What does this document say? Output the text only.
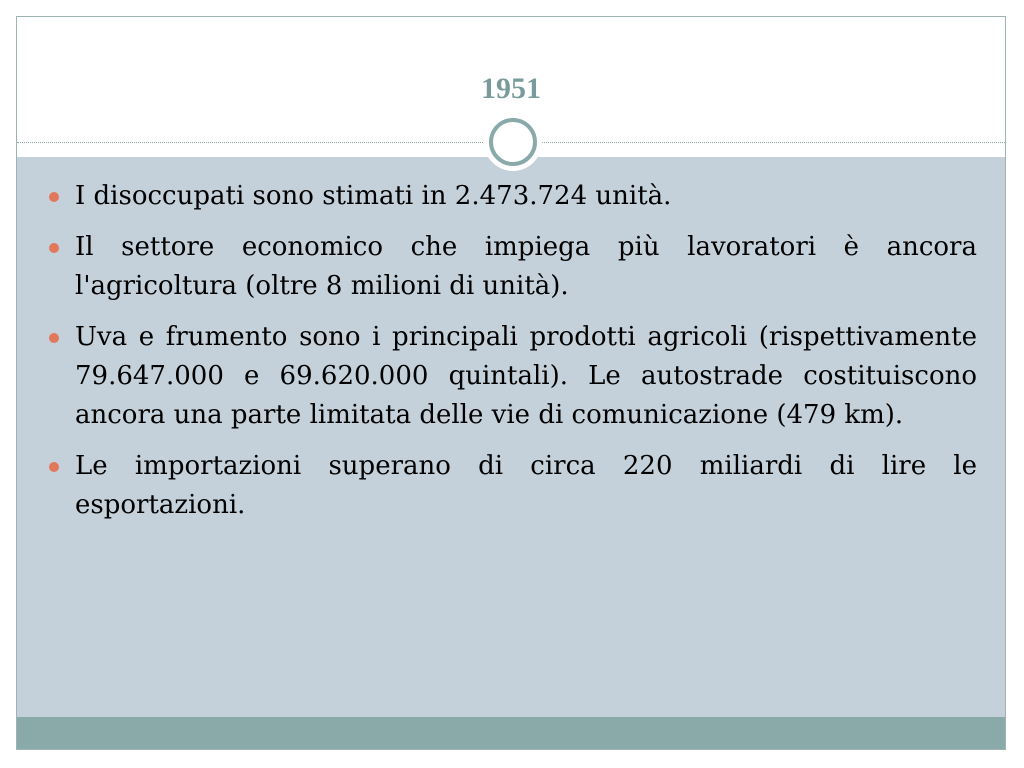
1951
I disoccupati sono stimati in 2.473.724 unità.
Il settore economico che impiega più lavoratori è ancora l'agricoltura (oltre 8 milioni di unità).
Uva e frumento sono i principali prodotti agricoli (rispettivamente 79.647.000 e 69.620.000 quintali). Le autostrade costituiscono ancora una parte limitata delle vie di comunicazione (479 km).
Le importazioni superano di circa 220 miliardi di lire le esportazioni.
